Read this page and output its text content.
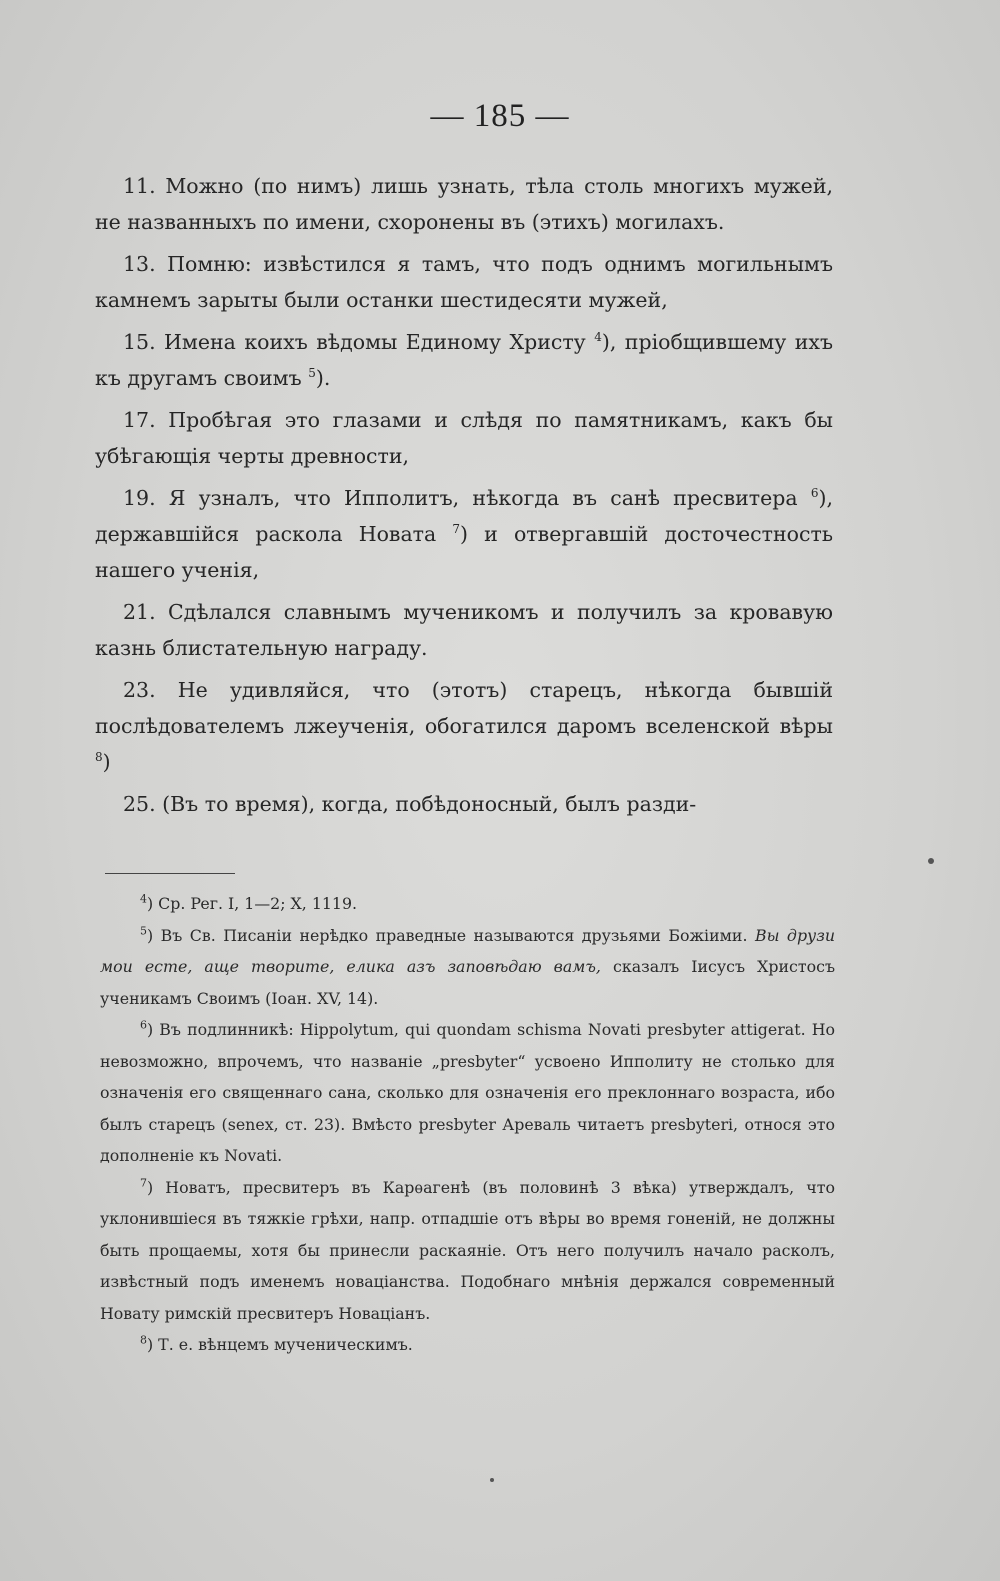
— 185 —

11. Можно (по нимъ) лишь узнать, тѣла столь многихъ мужей, не названныхъ по имени, схоронены въ (этихъ) могилахъ.

13. Помню: извѣстился я тамъ, что подъ однимъ могильнымъ камнемъ зарыты были останки шестидесяти мужей,

15. Имена коихъ вѣдомы Единому Христу $^4$), пріобщившему ихъ къ другамъ своимъ $^5$).

17. Пробѣгая это глазами и слѣдя по памятникамъ, какъ бы убѣгающія черты древности,

19. Я узналъ, что Ипполитъ, нѣкогда въ санѣ пресвитера $^6$), державшійся раскола Новата $^7$) и отвергавшій досточестность нашего ученія,

21. Сдѣлался славнымъ мученикомъ и получилъ за кровавую казнь блистательную награду.

23. Не удивляйся, что (этотъ) старецъ, нѣкогда бывшій послѣдователемъ лжеученія, обогатился даромъ вселенской вѣры $^8$)

25. (Въ то время), когда, побѣдоносный, былъ разди-

$^4$) Ср. Peг. I, 1—2; X, 1119.

$^5$) Въ Св. Писаніи нерѣдко праведные называются друзьями Божіими. Вы друзи мои есте, аще творите, елика азъ заповѣдаю вамъ, сказалъ Іисусъ Христосъ ученикамъ Своимъ (Іоан. XV, 14).

$^6$) Въ подлинникѣ: Hippolytum, qui quondam schisma Novati presbyter attigerat. Но невозможно, впрочемъ, что названіе „presbyter“ усвоено Ипполиту не столько для означенія его священнаго сана, сколько для означенія его преклоннаго возраста, ибо былъ старецъ (senex, ст. 23). Вмѣсто presbyter Ареваль читаетъ presbyteri, относя это дополненіе къ Novati.

$^7$) Новатъ, пресвитеръ въ Карѳагенѣ (въ половинѣ 3 вѣка) утверждалъ, что уклонившіеся въ тяжкіе грѣхи, напр. отпадшіе отъ вѣры во время гоненій, не должны быть прощаемы, хотя бы принесли раскаяніе. Отъ него получилъ начало расколъ, извѣстный подъ именемъ новаціанства. Подобнаго мнѣнія держался современный Новату римскій пресвитеръ Новаціанъ.

$^8$) Т. е. вѣнцемъ мученическимъ.
